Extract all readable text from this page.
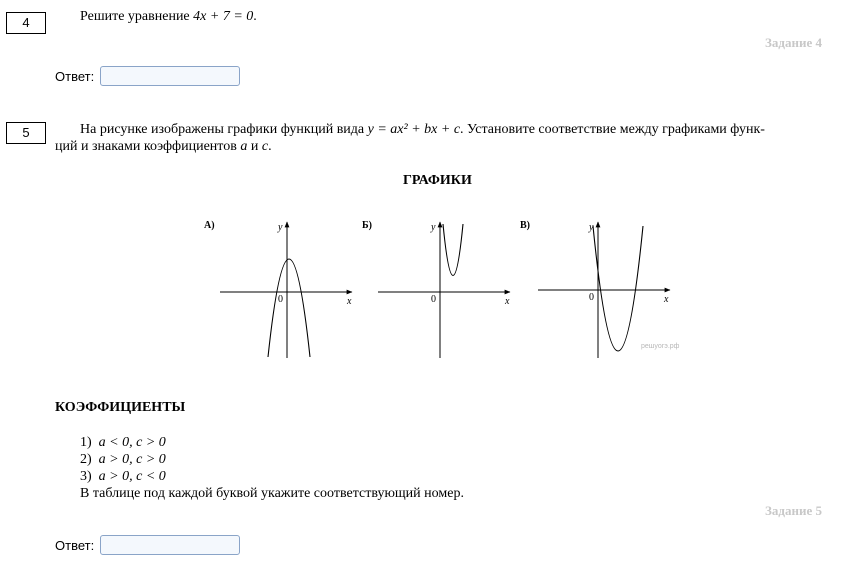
4	Решите уравнение 4x + 7 = 0.
Задание 4
Ответ:
5	На рисунке изображены графики функций вида y = ax² + bx + c. Установите соответствие между графиками функ-
ций и знаками коэффициентов a и c.
ГРАФИКИ
А)	y
x
0
Б)	y
x
0
В)	y
x
0
решуогэ.рф
КОЭФФИЦИЕНТЫ
1) a < 0, c > 0
2) a > 0, c > 0
3) a > 0, c < 0
В таблице под каждой буквой укажите соответствующий номер.
Задание 5
Ответ:
